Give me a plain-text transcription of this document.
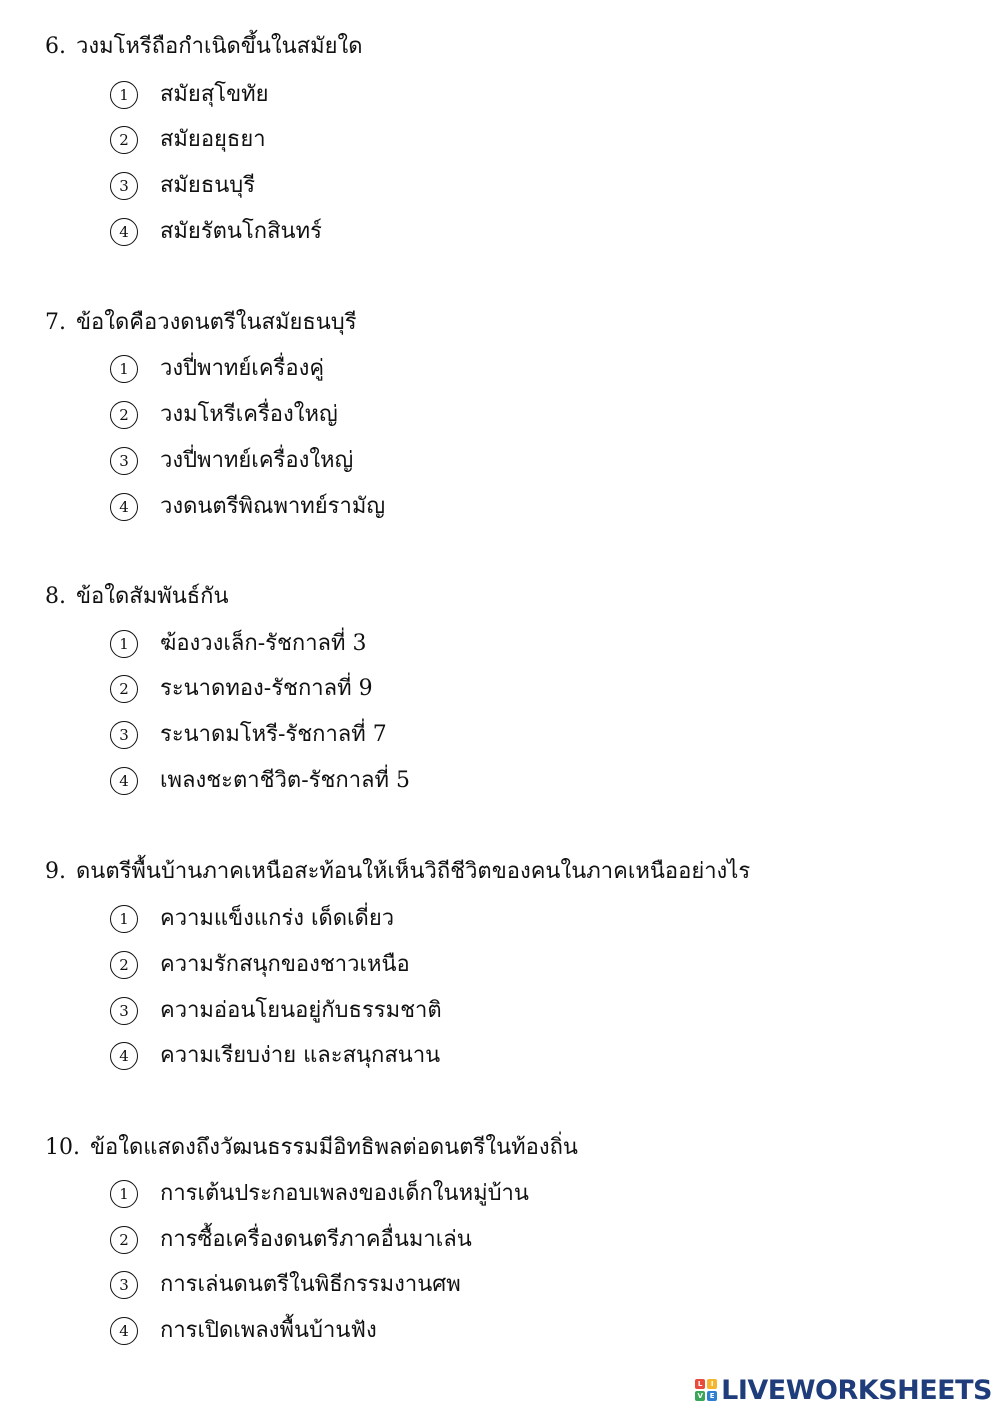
6. วงมโหรีถือกำเนิดขึ้นในสมัยใด
1	สมัยสุโขทัย
2	สมัยอยุธยา
3	สมัยธนบุรี
4	สมัยรัตนโกสินทร์
7. ข้อใดคือวงดนตรีในสมัยธนบุรี
1	วงปี่พาทย์เครื่องคู่
2	วงมโหรีเครื่องใหญ่
3	วงปี่พาทย์เครื่องใหญ่
4	วงดนตรีพิณพาทย์รามัญ
8. ข้อใดสัมพันธ์กัน
1	ฆ้องวงเล็ก-รัชกาลที่ 3
2	ระนาดทอง-รัชกาลที่ 9
3	ระนาดมโหรี-รัชกาลที่ 7
4	เพลงชะตาชีวิต-รัชกาลที่ 5
9. ดนตรีพื้นบ้านภาคเหนือสะท้อนให้เห็นวิถีชีวิตของคนในภาคเหนืออย่างไร
1	ความแข็งแกร่ง เด็ดเดี่ยว
2	ความรักสนุกของชาวเหนือ
3	ความอ่อนโยนอยู่กับธรรมชาติ
4	ความเรียบง่าย และสนุกสนาน
10. ข้อใดแสดงถึงวัฒนธรรมมีอิทธิพลต่อดนตรีในท้องถิ่น
1	การเต้นประกอบเพลงของเด็กในหมู่บ้าน
2	การซื้อเครื่องดนตรีภาคอื่นมาเล่น
3	การเล่นดนตรีในพิธีกรรมงานศพ
4	การเปิดเพลงพื้นบ้านฟัง
L	I
V E LIVEWORKSHEETS
